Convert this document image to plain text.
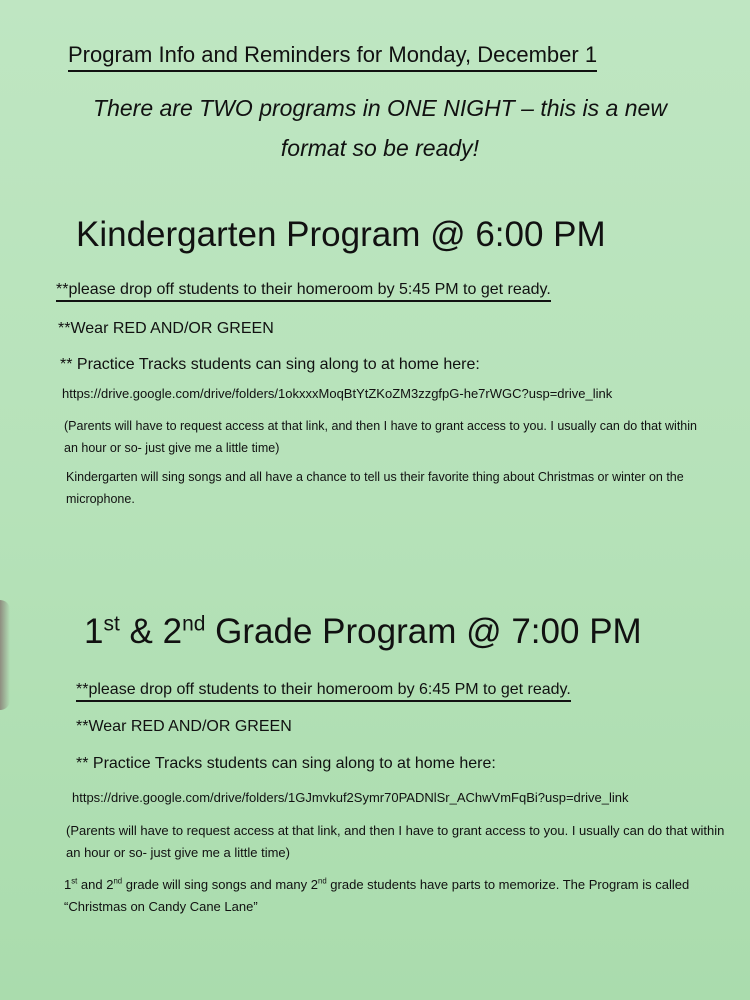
Program Info and Reminders for Monday, December 1
There are TWO programs in ONE NIGHT – this is a new format so be ready!
Kindergarten Program @ 6:00 PM
**please drop off students to their homeroom by 5:45 PM to get ready.
**Wear RED AND/OR GREEN
** Practice Tracks students can sing along to at home here:
https://drive.google.com/drive/folders/1okxxxMoqBtYtZKoZM3zzgfpG-he7rWGC?usp=drive_link
(Parents will have to request access at that link, and then I have to grant access to you. I usually can do that within an hour or so- just give me a little time)
Kindergarten will sing songs and all have a chance to tell us their favorite thing about Christmas or winter on the microphone.
1st & 2nd Grade Program @ 7:00 PM
**please drop off students to their homeroom by 6:45 PM to get ready.
**Wear RED AND/OR GREEN
** Practice Tracks students can sing along to at home here:
https://drive.google.com/drive/folders/1GJmvkuf2Symr70PADNlSr_AChwVmFqBi?usp=drive_link
(Parents will have to request access at that link, and then I have to grant access to you. I usually can do that within an hour or so- just give me a little time)
1st and 2nd grade will sing songs and many 2nd grade students have parts to memorize. The Program is called “Christmas on Candy Cane Lane”
